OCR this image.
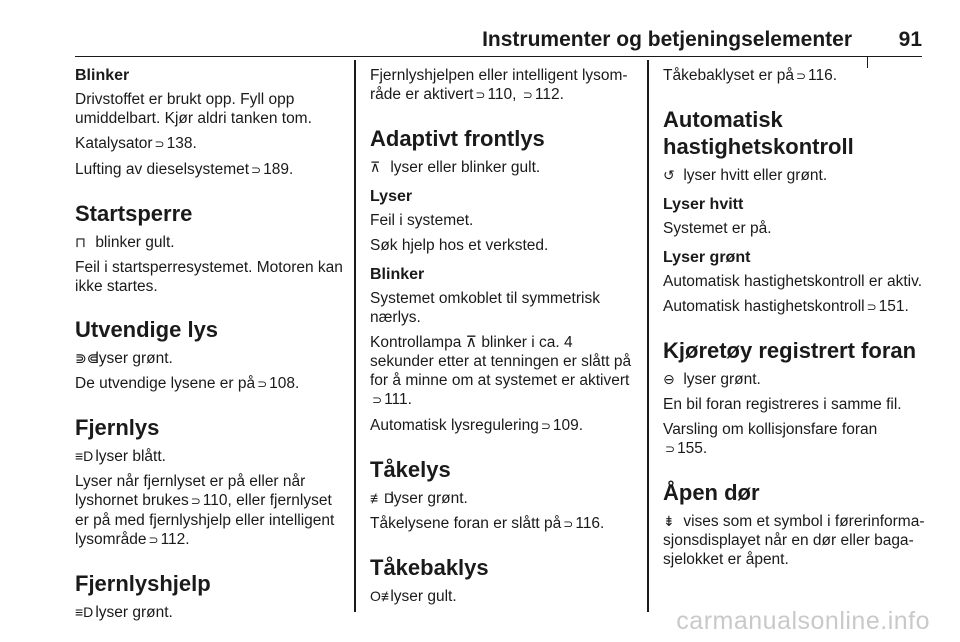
Instrumenter og betjeningselementer 91
Blinker

Drivstoffet er brukt opp. Fyll opp umiddelbart. Kjør aldri tanken tom.

Katalysator ⊃ 138.

Lufting av dieselsystemet ⊃ 189.

Startsperre

⊓ blinker gult.

Feil i startsperresystemet. Motoren kan ikke startes.

Utvendige lys

⋑⋐ lyser grønt.

De utvendige lysene er på ⊃ 108.

Fjernlys

≡D lyser blått.

Lyser når fjernlyset er på eller når lyshornet brukes ⊃ 110, eller fjernlyset er på med fjernlyshjelp eller intelligent lysområde ⊃ 112.

Fjernlyshjelp

≡D lyser grønt.

Fjernlyshjelpen eller intelligent lysområde er aktivert ⊃ 110, ⊃ 112.

Adaptivt frontlys

⊼ lyser eller blinker gult.

Lyser

Feil i systemet.

Søk hjelp hos et verksted.

Blinker

Systemet omkoblet til symmetrisk nærlys.

Kontrollampa ⊼ blinker i ca. 4 sekunder etter at tenningen er slått på for å minne om at systemet er aktivert⊃ 111.

Automatisk lysregulering ⊃ 109.

Tåkelys

≢D lyser grønt.

Tåkelysene foran er slått på ⊃ 116.

Tåkebaklys

O≢ lyser gult.

Tåkebaklyset er på ⊃ 116.

Automatisk hastighetskontroll

↺ lyser hvitt eller grønt.

Lyser hvitt

Systemet er på.

Lyser grønt

Automatisk hastighetskontroll er aktiv.

Automatisk hastighetskontroll ⊃ 151.

Kjøretøy registrert foran

⊖ lyser grønt.

En bil foran registreres i samme fil.

Varsling om kollisjonsfare foran
⊃ 155.

Åpen dør

⇟ vises som et symbol i førerinformasjonsdisplayet når en dør eller bagasjelokket er åpent.

carmanualsonline.info
